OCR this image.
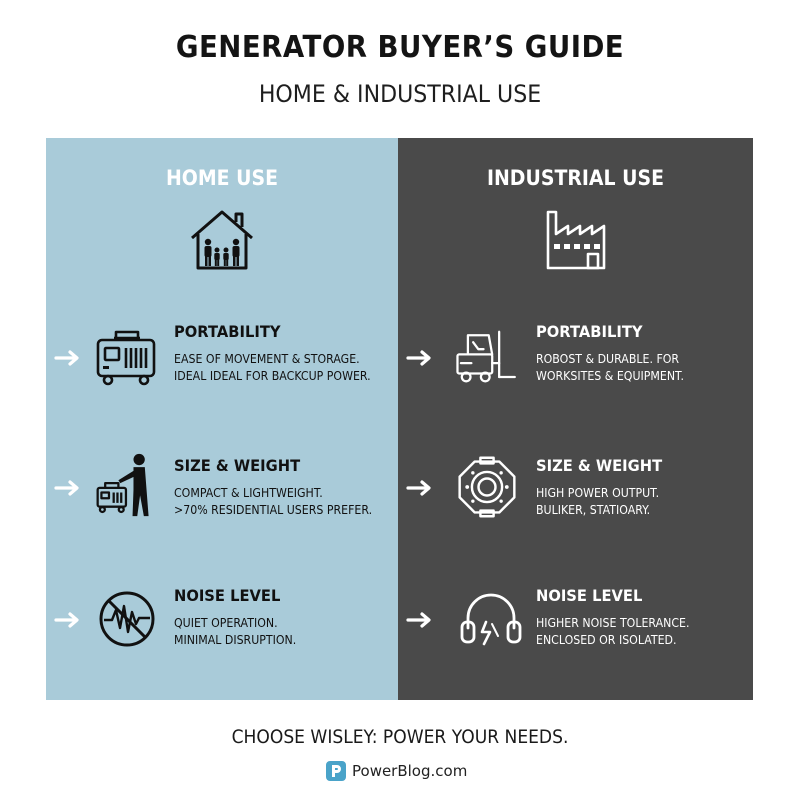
GENERATOR BUYER’S GUIDE
HOME & INDUSTRIAL USE
HOME USE
PORTABILITY
EASE OF MOVEMENT & STORAGE.
IDEAL IDEAL FOR BACKCUP POWER.
SIZE & WEIGHT
COMPACT & LIGHTWEIGHT.
>70% RESIDENTIAL USERS PREFER.
NOISE LEVEL
QUIET OPERATION.
MINIMAL DISRUPTION.
INDUSTRIAL USE
PORTABILITY
ROBOST & DURABLE. FOR
WORKSITES & EQUIPMENT.
SIZE & WEIGHT
HIGH POWER OUTPUT.
BULIKER, STATIOARY.
NOISE LEVEL
HIGHER NOISE TOLERANCE.
ENCLOSED OR ISOLATED.
CHOOSE WISLEY: POWER YOUR NEEDS.
PowerBlog.com
